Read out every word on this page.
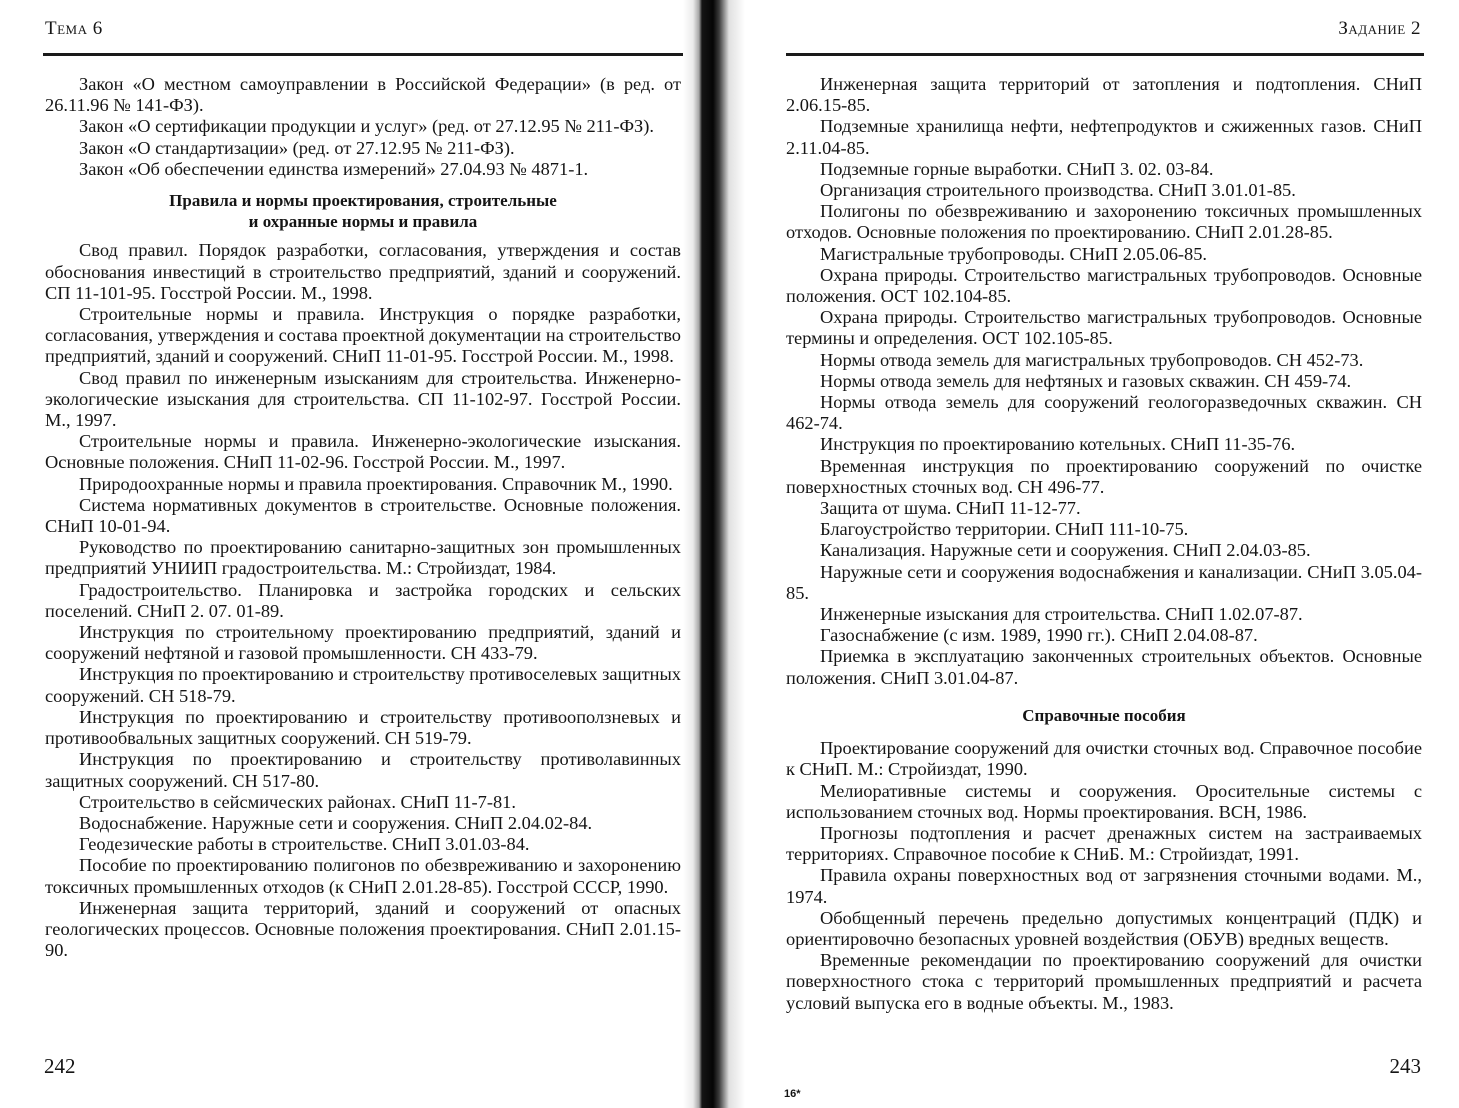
Тема 6

Закон «О местном самоуправлении в Российской Федерации» (в ред. от 26.11.96 № 141-ФЗ).

Закон «О сертификации продукции и услуг» (ред. от 27.12.95 № 211-ФЗ).

Закон «О стандартизации» (ред. от 27.12.95 № 211-ФЗ).

Закон «Об обеспечении единства измерений» 27.04.93 № 4871-1.

Правила и нормы проектирования, строительные
и охранные нормы и правила

Свод правил. Порядок разработки, согласования, утверждения и состав обоснования инвестиций в строительство предприятий, зданий и сооружений. СП 11-101-95. Госстрой России. М., 1998.

Строительные нормы и правила. Инструкция о порядке разработки, согласования, утверждения и состава проектной документации на строительство предприятий, зданий и сооружений. СНиП 11-01-95. Госстрой России. М., 1998.

Свод правил по инженерным изысканиям для строительства. Инженерно-экологические изыскания для строительства. СП 11-102-97. Госстрой России. М., 1997.

Строительные нормы и правила. Инженерно-экологические изыскания. Основные положения. СНиП 11-02-96. Госстрой России. М., 1997.

Природоохранные нормы и правила проектирования. Справочник М., 1990.

Система нормативных документов в строительстве. Основные положения. СНиП 10-01-94.

Руководство по проектированию санитарно-защитных зон промышленных предприятий УНИИП градостроительства. М.: Стройиздат, 1984.

Градостроительство. Планировка и застройка городских и сельских поселений. СНиП 2. 07. 01-89.

Инструкция по строительному проектированию предприятий, зданий и сооружений нефтяной и газовой промышленности. СН 433-79.

Инструкция по проектированию и строительству противоселевых защитных сооружений. СН 518-79.

Инструкция по проектированию и строительству противооползневых и противообвальных защитных сооружений. СН 519-79.

Инструкция по проектированию и строительству противолавинных защитных сооружений. СН 517-80.

Строительство в сейсмических районах. СНиП 11-7-81.

Водоснабжение. Наружные сети и сооружения. СНиП 2.04.02-84.

Геодезические работы в строительстве. СНиП 3.01.03-84.

Пособие по проектированию полигонов по обезвреживанию и захоронению токсичных промышленных отходов (к СНиП 2.01.28-85). Госстрой СССР, 1990.

Инженерная защита территорий, зданий и сооружений от опасных геологических процессов. Основные положения проектирования. СНиП 2.01.15-90.

242
Задание 2

Инженерная защита территорий от затопления и подтопления. СНиП 2.06.15-85.

Подземные хранилища нефти, нефтепродуктов и сжиженных газов. СНиП 2.11.04-85.

Подземные горные выработки. СНиП 3. 02. 03-84.

Организация строительного производства. СНиП 3.01.01-85.

Полигоны по обезвреживанию и захоронению токсичных промышленных отходов. Основные положения по проектированию. СНиП 2.01.28-85.

Магистральные трубопроводы. СНиП 2.05.06-85.

Охрана природы. Строительство магистральных трубопроводов. Основные положения. ОСТ 102.104-85.

Охрана природы. Строительство магистральных трубопроводов. Основные термины и определения. ОСТ 102.105-85.

Нормы отвода земель для магистральных трубопроводов. СН 452-73.

Нормы отвода земель для нефтяных и газовых скважин. СН 459-74.

Нормы отвода земель для сооружений геологоразведочных скважин. СН 462-74.

Инструкция по проектированию котельных. СНиП 11-35-76.

Временная инструкция по проектированию сооружений по очистке поверхностных сточных вод. СН 496-77.

Защита от шума. СНиП 11-12-77.

Благоустройство территории. СНиП 111-10-75.

Канализация. Наружные сети и сооружения. СНиП 2.04.03-85.

Наружные сети и сооружения водоснабжения и канализации. СНиП 3.05.04-85.

Инженерные изыскания для строительства. СНиП 1.02.07-87.

Газоснабжение (с изм. 1989, 1990 гг.). СНиП 2.04.08-87.

Приемка в эксплуатацию законченных строительных объектов. Основные положения. СНиП 3.01.04-87.

Справочные пособия

Проектирование сооружений для очистки сточных вод. Справочное пособие к СНиП. М.: Стройиздат, 1990.

Мелиоративные системы и сооружения. Оросительные системы с использованием сточных вод. Нормы проектирования. ВСН, 1986.

Прогнозы подтопления и расчет дренажных систем на застраиваемых территориях. Справочное пособие к СНиБ. М.: Стройиздат, 1991.

Правила охраны поверхностных вод от загрязнения сточными водами. М., 1974.

Обобщенный перечень предельно допустимых концентраций (ПДК) и ориентировочно безопасных уровней воздействия (ОБУВ) вредных веществ.

Временные рекомендации по проектированию сооружений для очистки поверхностного стока с территорий промышленных предприятий и расчета условий выпуска его в водные объекты. М., 1983.

16*
243
